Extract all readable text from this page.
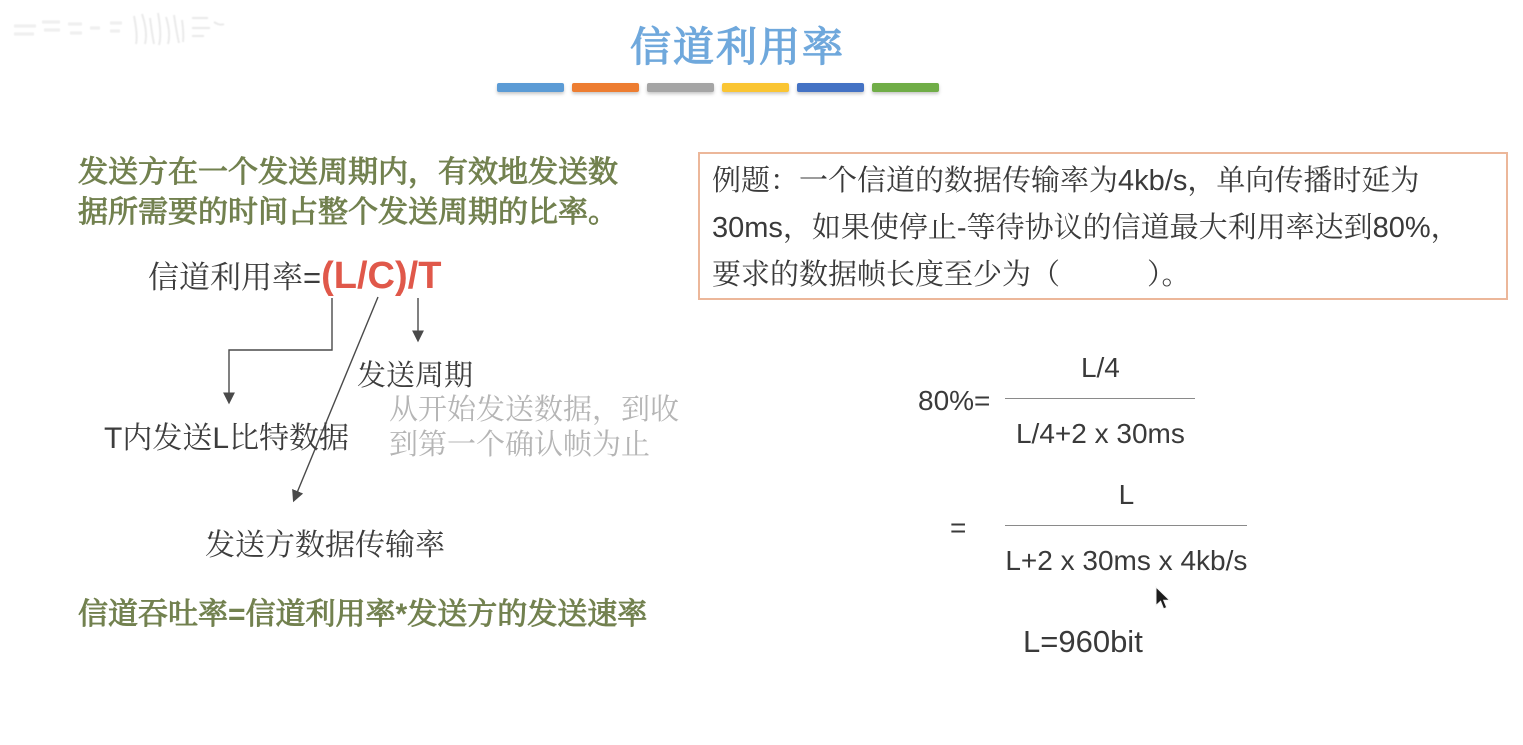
信道利用率
发送方在一个发送周期内，有效地发送数
据所需要的时间占整个发送周期的比率。
信道利用率= (L/C)/T
发送周期
从开始发送数据，到收
到第一个确认帧为止
T内发送L比特数据
发送方数据传输率
信道吞吐率=信道利用率*发送方的发送速率
例题：一个信道的数据传输率为4kb/s，单向传播时延为
30ms，如果使停止-等待协议的信道最大利用率达到80%，
要求的数据帧长度至少为（　　　）。
$80\%= \frac{L/4}{L/4+2 x 30ms}$
= $\frac{L}{\text{L+2 x 30ms x 4kb/s}}$
L=960bit
